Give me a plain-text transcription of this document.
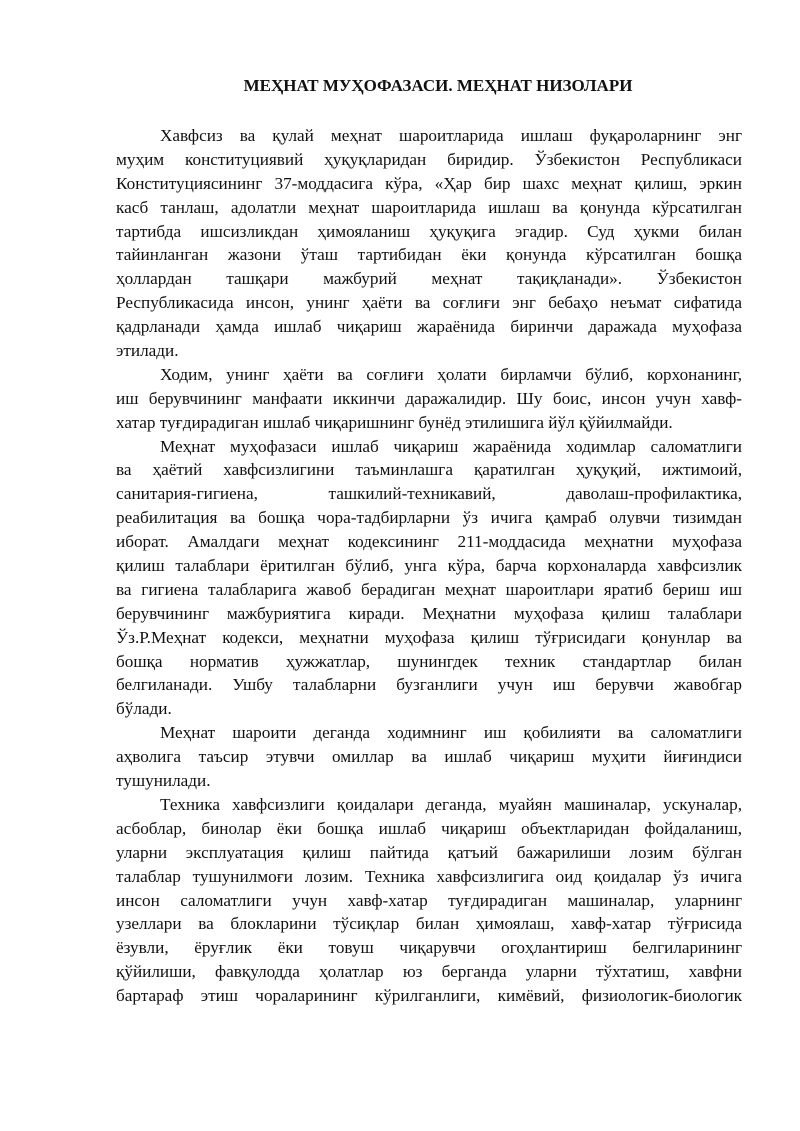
МЕҲНАТ МУҲОФАЗАСИ. МЕҲНАТ НИЗОЛАРИ

Хавфсиз ва қулай меҳнат шароитларида ишлаш фуқароларнинг энг
муҳим конституциявий ҳуқуқларидан биридир. Ўзбекистон Республикаси
Конституциясининг 37-моддасига кўра, «Ҳар бир шахс меҳнат қилиш, эркин
касб танлаш, адолатли меҳнат шароитларида ишлаш ва қонунда кўрсатилган
тартибда ишсизликдан ҳимояланиш ҳуқуқига эгадир. Суд ҳукми билан
тайинланган жазони ўташ тартибидан ёки қонунда кўрсатилган бошқа
ҳоллардан ташқари мажбурий меҳнат тақиқланади». Ўзбекистон
Республикасида инсон, унинг ҳаёти ва соғлиғи энг бебаҳо неъмат сифатида
қадрланади ҳамда ишлаб чиқариш жараёнида биринчи даражада муҳофаза
этилади.

Ходим, унинг ҳаёти ва соғлиғи ҳолати бирламчи бўлиб, корхонанинг,
иш берувчининг манфаати иккинчи даражалидир. Шу боис, инсон учун хавф-
хатар туғдирадиган ишлаб чиқаришнинг бунёд этилишига йўл қўйилмайди.

Меҳнат муҳофазаси ишлаб чиқариш жараёнида ходимлар саломатлиги
ва ҳаётий хавфсизлигини таъминлашга қаратилган ҳуқуқий, ижтимоий,
санитария-гигиена, ташкилий-техникавий, даволаш-профилактика,
реабилитация ва бошқа чора-тадбирларни ўз ичига қамраб олувчи тизимдан
иборат. Амалдаги меҳнат кодексининг 211-моддасида меҳнатни муҳофаза
қилиш талаблари ёритилган бўлиб, унга кўра, барча корхоналарда хавфсизлик
ва гигиена талабларига жавоб берадиган меҳнат шароитлари яратиб бериш иш
берувчининг мажбуриятига киради. Меҳнатни муҳофаза қилиш талаблари
Ўз.Р.Меҳнат кодекси, меҳнатни муҳофаза қилиш тўғрисидаги қонунлар ва
бошқа норматив ҳужжатлар, шунингдек техник стандартлар билан
белгиланади. Ушбу талабларни бузганлиги учун иш берувчи жавобгар
бўлади.

Меҳнат шароити деганда ходимнинг иш қобилияти ва саломатлиги
аҳволига таъсир этувчи омиллар ва ишлаб чиқариш муҳити йиғиндиси
тушунилади.

Техника хавфсизлиги қоидалари деганда, муайян машиналар, ускуналар,
асбоблар, бинолар ёки бошқа ишлаб чиқариш объектларидан фойдаланиш,
уларни эксплуатация қилиш пайтида қатъий бажарилиши лозим бўлган
талаблар тушунилмоғи лозим. Техника хавфсизлигига оид қоидалар ўз ичига
инсон саломатлиги учун хавф-хатар туғдирадиган машиналар, уларнинг
узеллари ва блокларини тўсиқлар билан ҳимоялаш, хавф-хатар тўғрисида
ёзувли, ёруғлик ёки товуш чиқарувчи огоҳлантириш белгиларининг
қўйилиши, фавқулодда ҳолатлар юз берганда уларни тўхтатиш, хавфни
бартараф этиш чораларининг кўрилганлиги, кимёвий, физиологик-биологик
